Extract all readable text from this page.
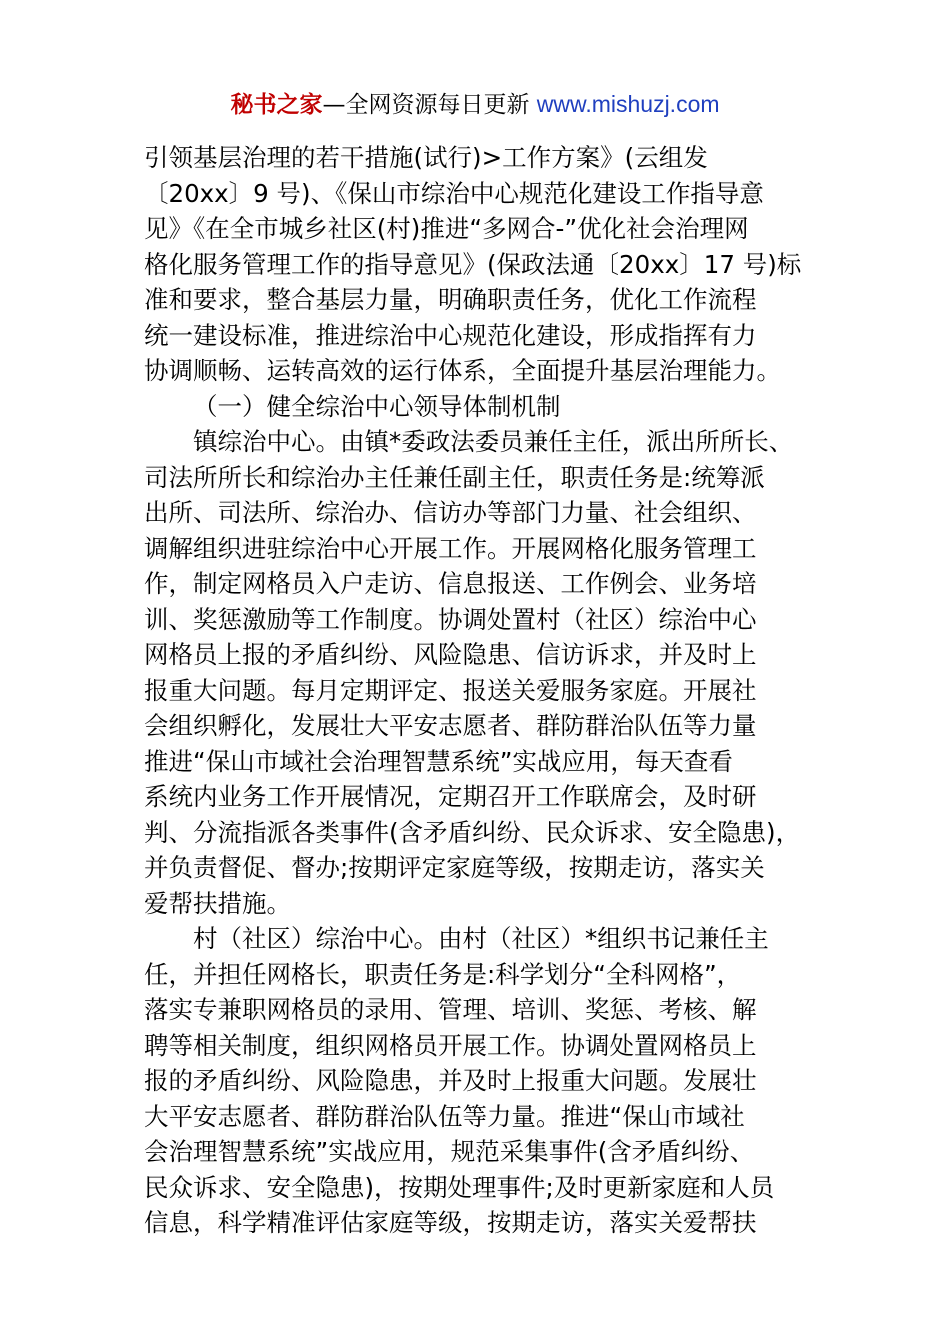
秘书之家—全网资源每日更新 www.mishuzj.com
引领基层治理的若干措施(试行)>工作方案》(云组发
〔20xx〕9 号)、《保山市综治中心规范化建设工作指导意
见》《在全市城乡社区(村)推进“多网合-”优化社会治理网
格化服务管理工作的指导意见》(保政法通〔20xx〕17 号)标
准和要求，整合基层力量，明确职责任务，优化工作流程
统一建设标准，推进综治中心规范化建设，形成指挥有力
协调顺畅、运转高效的运行体系，全面提升基层治理能力。
（一）健全综治中心领导体制机制
镇综治中心。由镇*委政法委员兼任主任，派出所所长、
司法所所长和综治办主任兼任副主任，职责任务是:统筹派
出所、司法所、综治办、信访办等部门力量、社会组织、
调解组织进驻综治中心开展工作。开展网格化服务管理工
作，制定网格员入户走访、信息报送、工作例会、业务培
训、奖惩激励等工作制度。协调处置村（社区）综治中心
网格员上报的矛盾纠纷、风险隐患、信访诉求，并及时上
报重大问题。每月定期评定、报送关爱服务家庭。开展社
会组织孵化，发展壮大平安志愿者、群防群治队伍等力量
推进“保山市域社会治理智慧系统”实战应用，每天查看
系统内业务工作开展情况，定期召开工作联席会，及时研
判、分流指派各类事件(含矛盾纠纷、民众诉求、安全隐患)，
并负责督促、督办;按期评定家庭等级，按期走访，落实关
爱帮扶措施。
村（社区）综治中心。由村（社区）*组织书记兼任主
任，并担任网格长，职责任务是:科学划分“全科网格”，
落实专兼职网格员的录用、管理、培训、奖惩、考核、解
聘等相关制度，组织网格员开展工作。协调处置网格员上
报的矛盾纠纷、风险隐患，并及时上报重大问题。发展壮
大平安志愿者、群防群治队伍等力量。推进“保山市域社
会治理智慧系统”实战应用，规范采集事件(含矛盾纠纷、
民众诉求、安全隐患)，按期处理事件;及时更新家庭和人员
信息，科学精准评估家庭等级，按期走访，落实关爱帮扶
